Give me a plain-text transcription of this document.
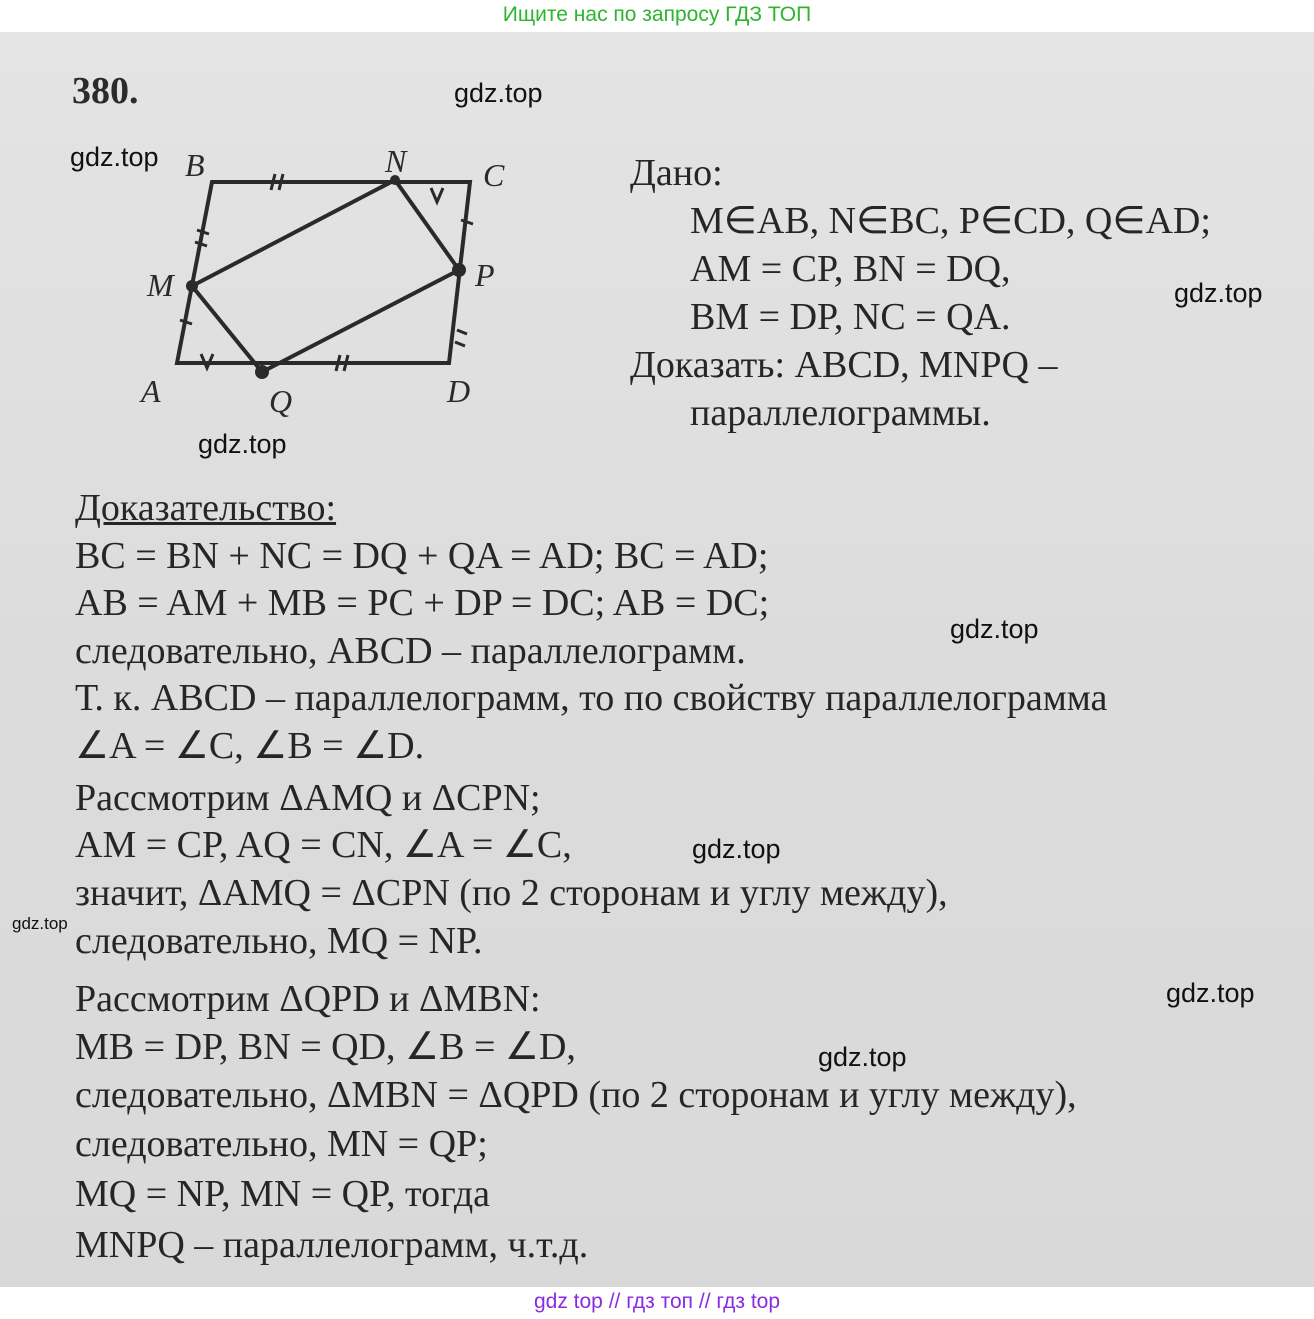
Ищите нас по запросу ГДЗ ТОП
380.
B	N C
M	P
A	Q	D
Дано:
M∈AB, N∈BC, P∈CD, Q∈AD;
AM = CP, BN = DQ,
BM = DP, NC = QA.
Доказать: ABCD, MNPQ –
параллелограммы.
Доказательство:
BC = BN + NC = DQ + QA = AD; BC = AD;
AB = AM + MB = PC + DP = DC; AB = DC;
следовательно, ABCD – параллелограмм.
Т. к. ABCD – параллелограмм, то по свойству параллелограмма
∠A = ∠C, ∠B = ∠D.
Рассмотрим ΔAMQ и ΔCPN;
AM = CP, AQ = CN, ∠A = ∠C,
значит, ΔAMQ = ΔCPN (по 2 сторонам и углу между),
следовательно, MQ = NP.
Рассмотрим ΔQPD и ΔMBN:
MB = DP, BN = QD, ∠B = ∠D,
следовательно, ΔMBN = ΔQPD (по 2 сторонам и углу между),
следовательно, MN = QP;
MQ = NP, MN = QP, тогда
MNPQ – параллелограмм, ч.т.д.
gdz.top
gdz.top
gdz.top
gdz.top
gdz.top
gdz.top
gdz.top
gdz.top
gdz.top
gdz top // гдз топ // гдз top
